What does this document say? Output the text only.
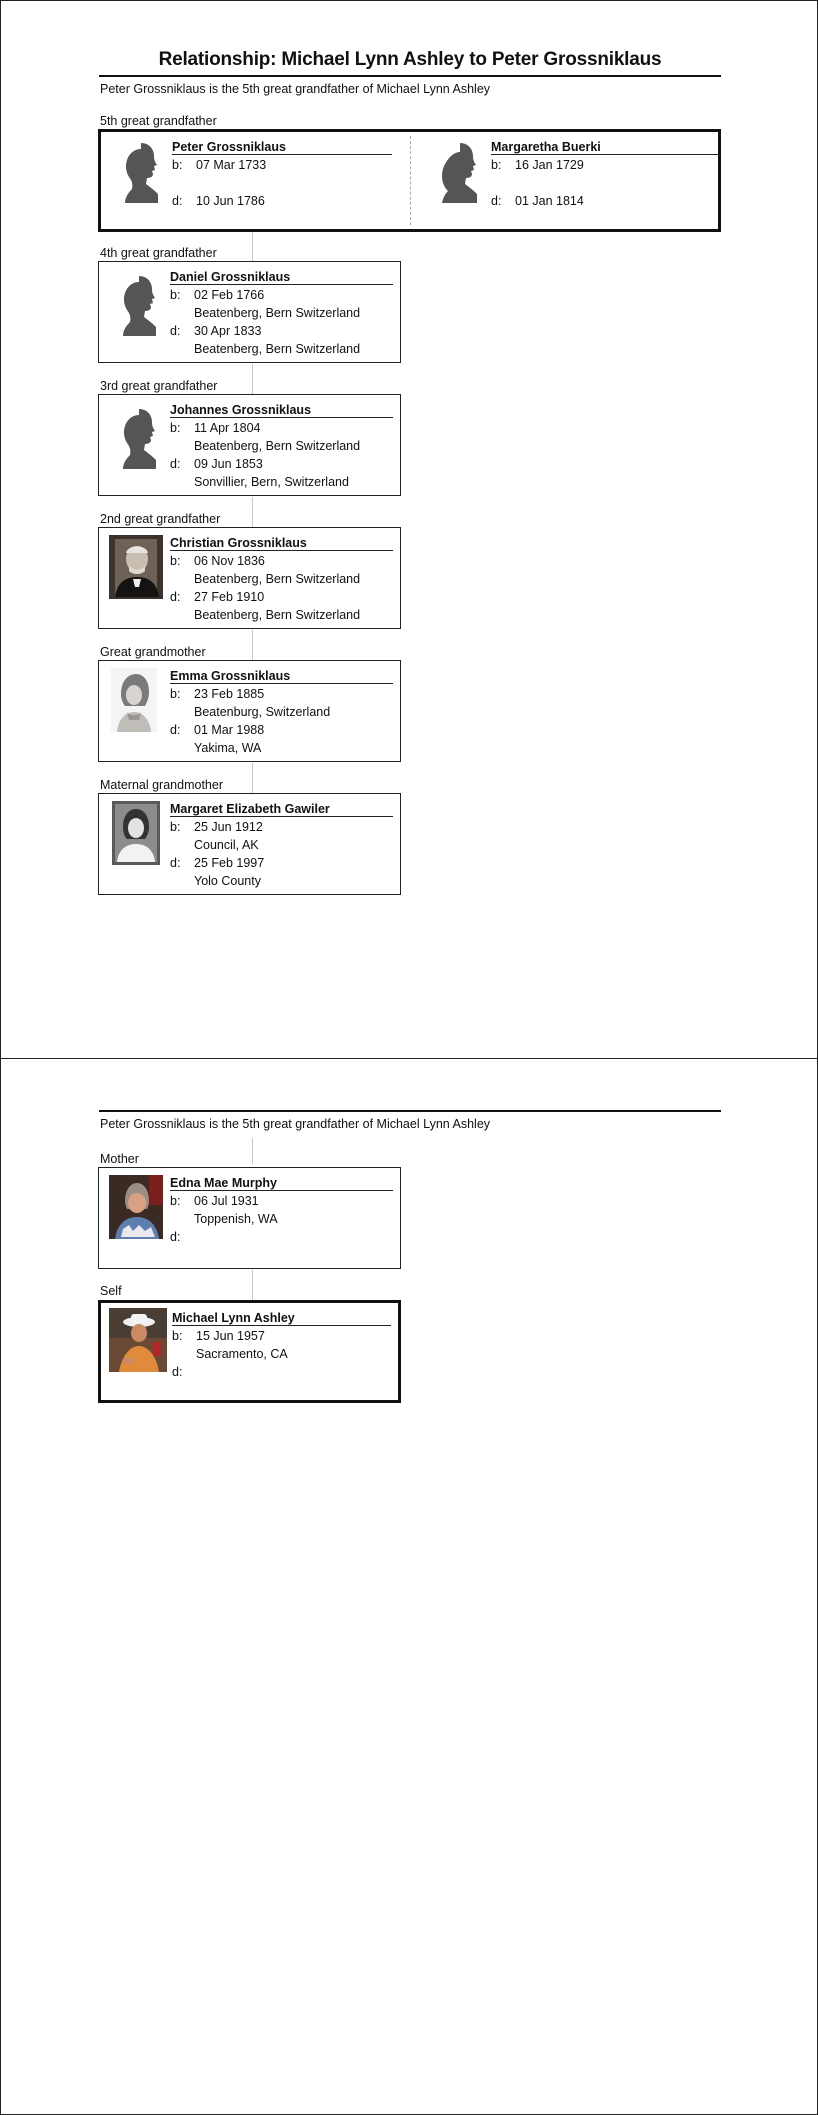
Relationship: Michael Lynn Ashley to Peter Grossniklaus
Peter Grossniklaus is the 5th great grandfather of Michael Lynn Ashley
5th great grandfather
Peter Grossniklaus
b: 07 Mar 1733
d: 10 Jun 1786
Margaretha Buerki
b: 16 Jan 1729
d: 01 Jan 1814
4th great grandfather
Daniel Grossniklaus
b: 02 Feb 1766
Beatenberg, Bern Switzerland
d: 30 Apr 1833
Beatenberg, Bern Switzerland
3rd great grandfather
Johannes Grossniklaus
b: 11 Apr 1804
Beatenberg, Bern Switzerland
d: 09 Jun 1853
Sonvillier, Bern, Switzerland
2nd great grandfather
Christian Grossniklaus
b: 06 Nov 1836
Beatenberg, Bern Switzerland
d: 27 Feb 1910
Beatenberg, Bern Switzerland
Great grandmother
Emma Grossniklaus
b: 23 Feb 1885
Beatenburg, Switzerland
d: 01 Mar 1988
Yakima, WA
Maternal grandmother
Margaret Elizabeth Gawiler
b: 25 Jun 1912
Council, AK
d: 25 Feb 1997
Yolo County
Peter Grossniklaus is the 5th great grandfather of Michael Lynn Ashley
Mother
Edna Mae Murphy
b: 06 Jul 1931
Toppenish, WA
d:
Self
Michael Lynn Ashley
b: 15 Jun 1957
Sacramento, CA
d:
